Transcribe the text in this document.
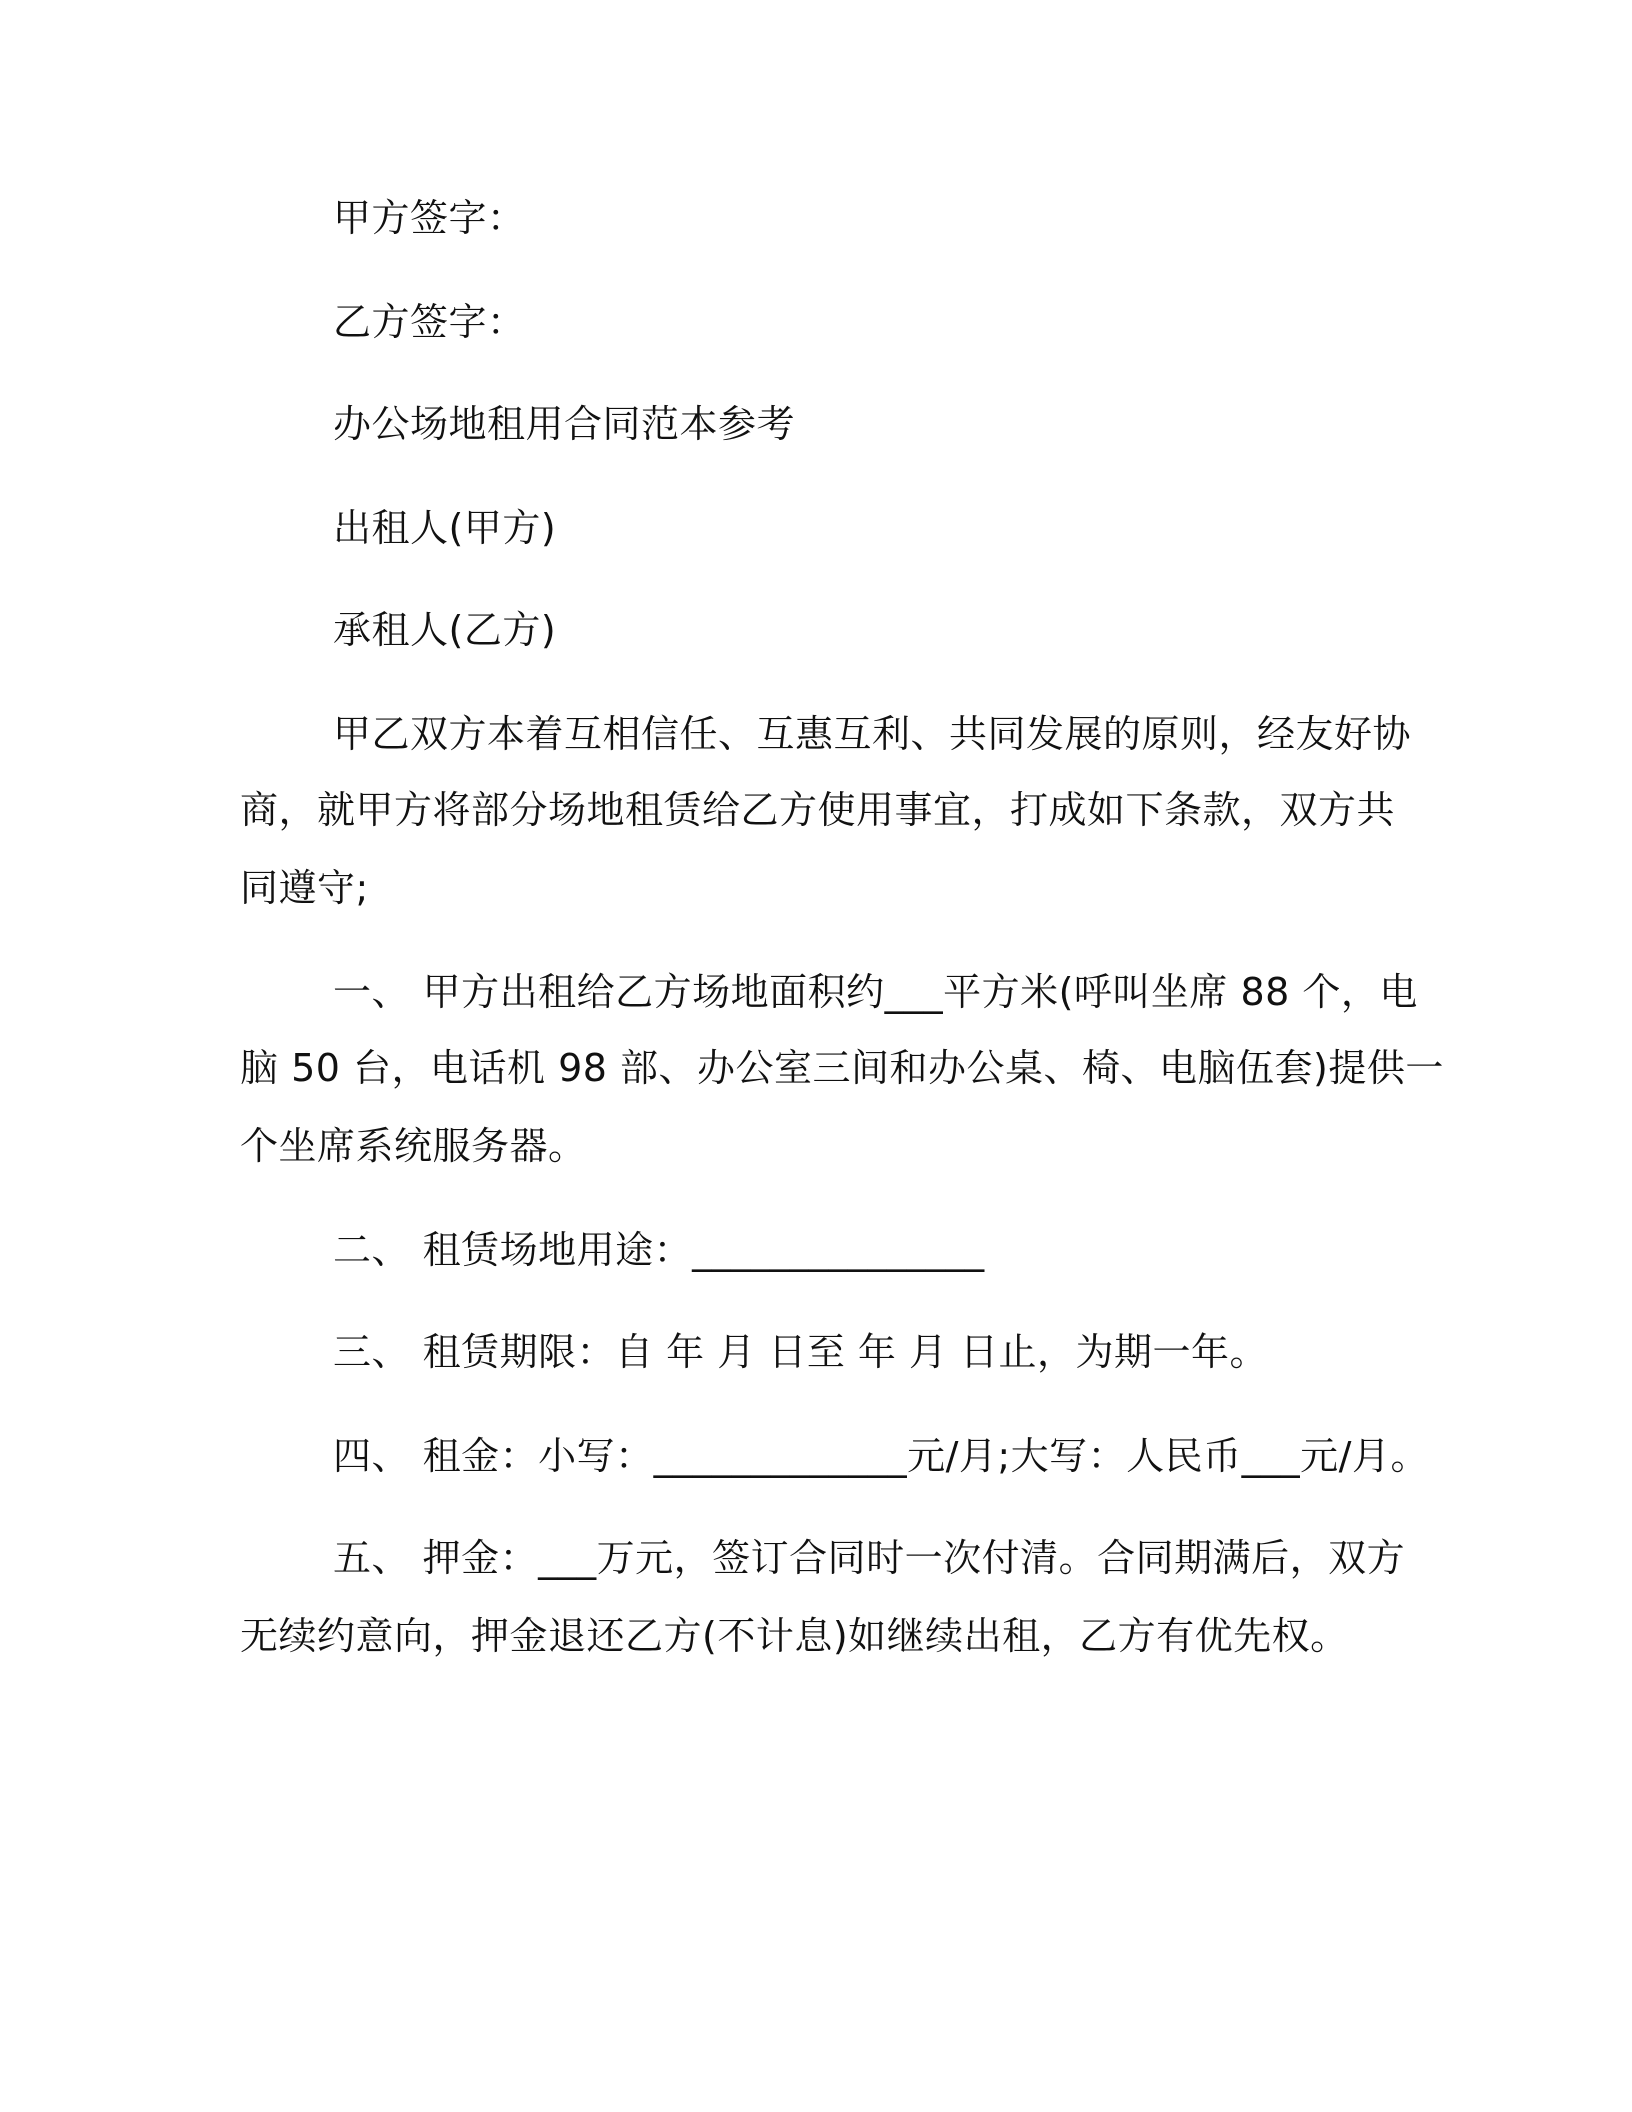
甲方签字：
乙方签字：
办公场地租用合同范本参考
出租人(甲方)
承租人(乙方)
甲乙双方本着互相信任、互惠互利、共同发展的原则，经友好协
商，就甲方将部分场地租赁给乙方使用事宜，打成如下条款，双方共
同遵守;
一、 甲方出租给乙方场地面积约___平方米(呼叫坐席 88 个，电
脑 50 台，电话机 98 部、办公室三间和办公桌、椅、电脑伍套)提供一
个坐席系统服务器。
二、 租赁场地用途：_______________
三、 租赁期限：自 年 月 日至 年 月 日止，为期一年。
四、 租金：小写：_____________元/月;大写：人民币___元/月。
五、 押金：___万元，签订合同时一次付清。合同期满后，双方
无续约意向，押金退还乙方(不计息)如继续出租，乙方有优先权。
